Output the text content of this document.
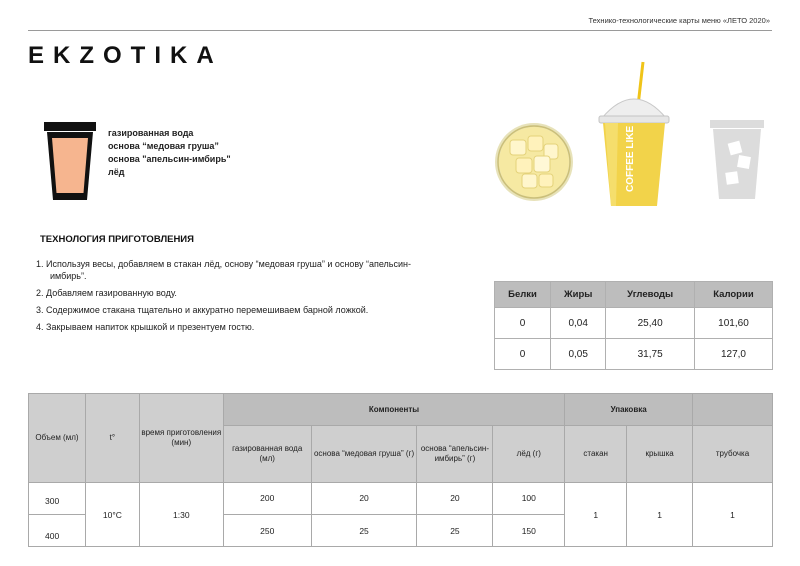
Технико-технологические карты меню «ЛЕТО 2020»
EKZOTIKA
газированная вода
основа “медовая груша”
основа "апельсин-имбирь"
лёд	COFFEE LIKE
ТЕХНОЛОГИЯ ПРИГОТОВЛЕНИЯ
1. Используя весы, добавляем в стакан лёд, основу “медовая груша” и основу “апельсин-имбирь”.
2. Добавляем газированную воду.
3. Содержимое стакана тщательно и аккуратно перемешиваем барной ложкой.
4. Закрываем напиток крышкой и презентуем гостю.
Белки	Жиры	Углеводы	Калории
0	0,04	25,40	101,60
0	0,05	31,75	127,0
Объем (мл)	t°	время приготовления (мин)	Компоненты				Упаковка		
			газированная вода (мл)	основа “медовая груша” (г)	основа “апельсин-имбирь” (г)	лёд (г)	стакан	крышка	трубочка
300	10°С	1:30	200	20	20	100	1	1	1
400			250	25	25	150			
